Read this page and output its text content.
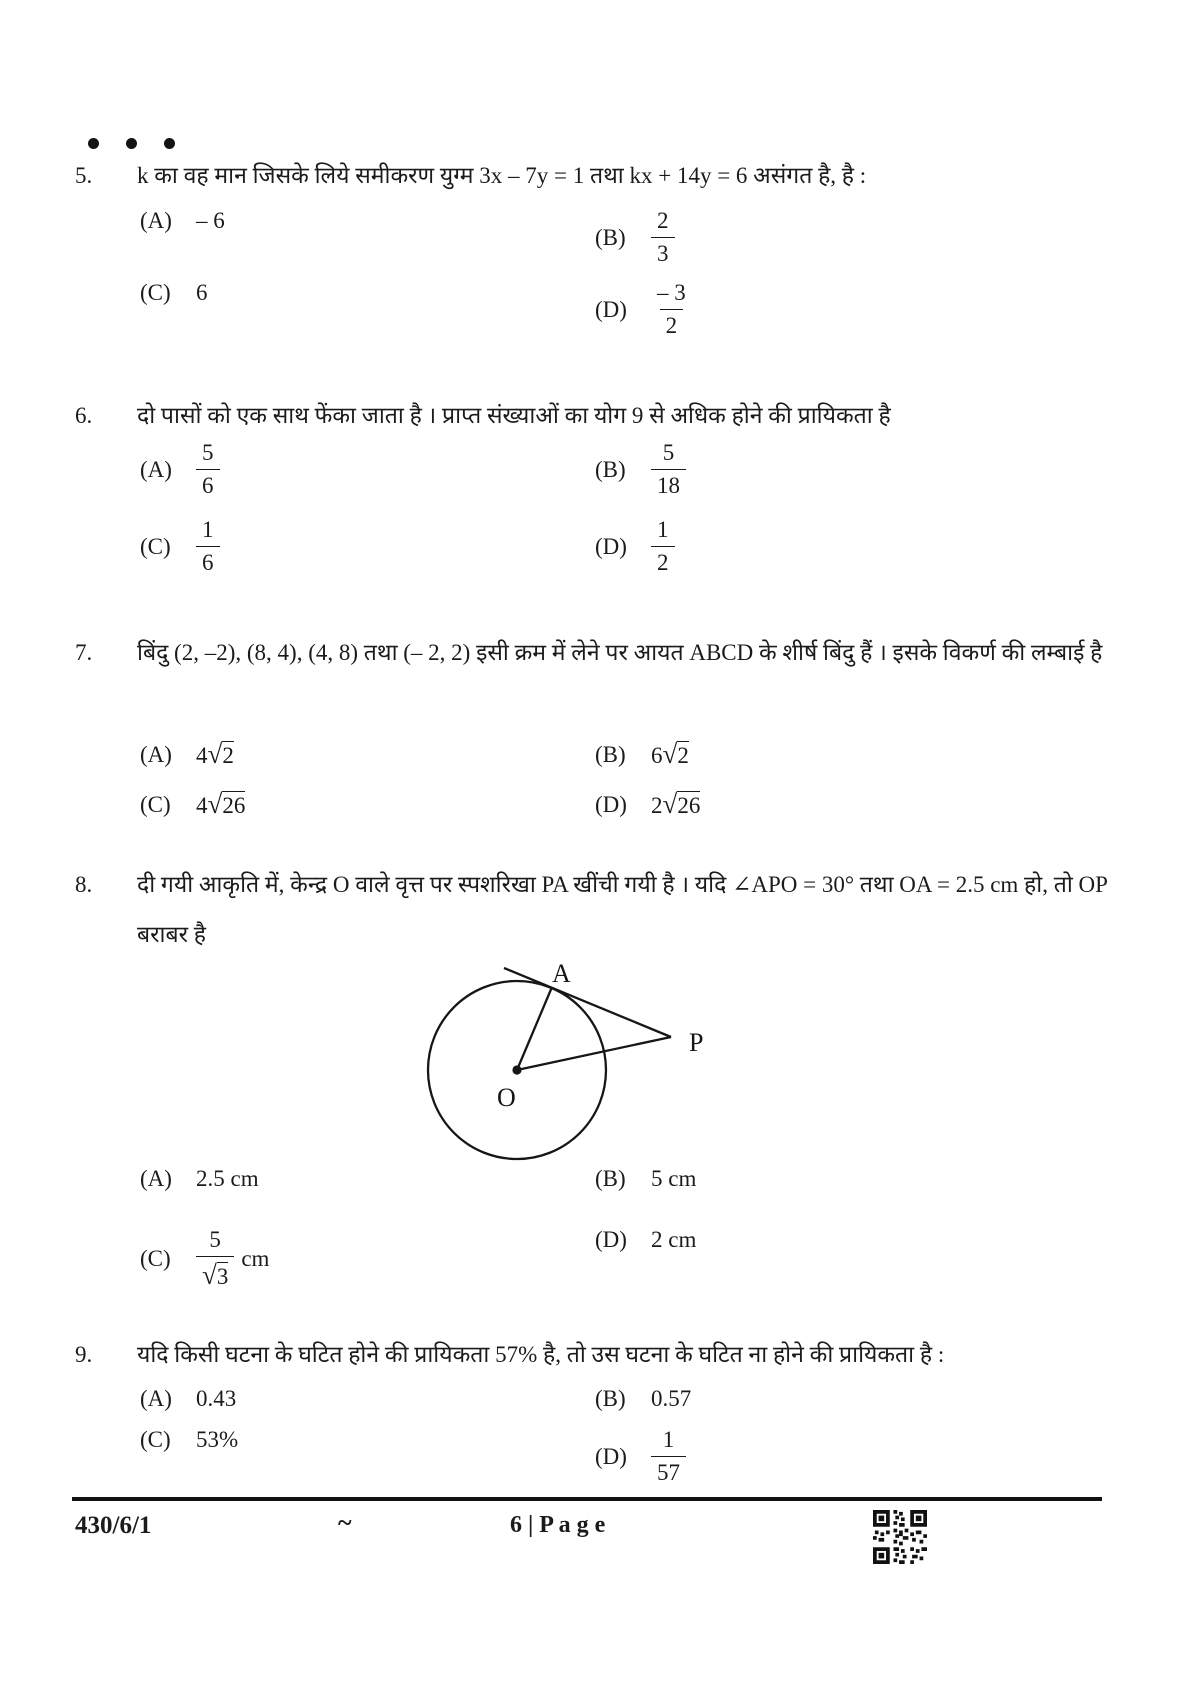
5.	k का वह मान जिसके लिये समीकरण युग्म 3x – 7y = 1 तथा kx + 14y = 6 असंगत है, है :
(A)	– 6
(B)	$\frac{2}{3}$
(C)	6
(D)	$\frac{- 3}{2}$
6.	दो पासों को एक साथ फेंका जाता है । प्राप्त संख्याओं का योग 9 से अधिक होने की प्रायिकता है
(A)	$\frac{5}{6}$	(B)	$\frac{5}{18}$
(C)	$\frac{1}{6}$	(D)	$\frac{1}{2}$
7.	बिंदु (2, –2), (8, 4), (4, 8) तथा (– 2, 2) इसी क्रम में लेने पर आयत ABCD के शीर्ष बिंदु हैं । इसके विकर्ण की लम्बाई है
(A)	4√2	(B)	6√2
(C)	4√26	(D)	2√26
8.	दी गयी आकृति में, केन्द्र O वाले वृत्त पर स्पशरिखा PA खींची गयी है । यदि ∠APO = 30° तथा OA = 2.5 cm हो, तो OP बराबर है
A
O
P
(A)	2.5 cm	(B)	5 cm
(C)	$\frac{5}{√3}$ cm
(D)	2 cm
9.	यदि किसी घटना के घटित होने की प्रायिकता 57% है, तो उस घटना के घटित ना होने की प्रायिकता है :
(A)	0.43	(B)	0.57
(C)	53%
(D)	$\frac{1}{57}$
430/6/1	~	6 | P a g e
